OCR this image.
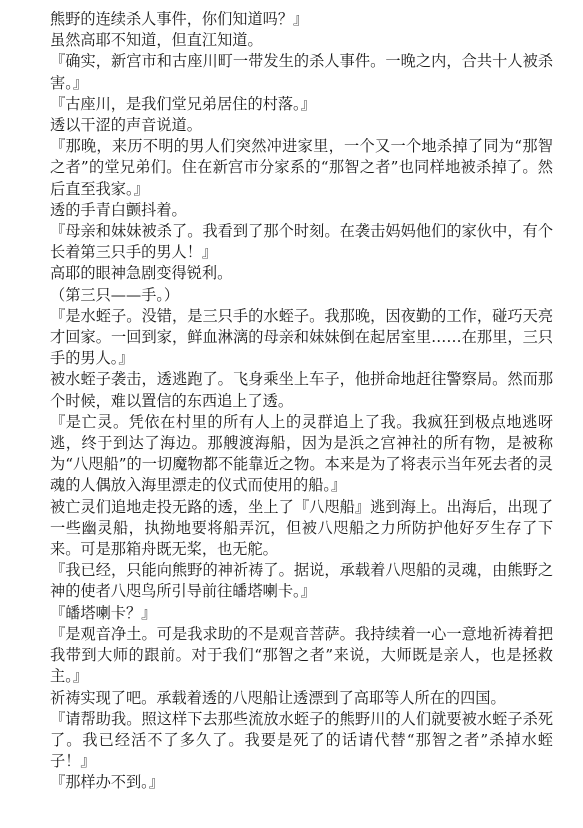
熊野的连续杀人事件，你们知道吗？』

虽然高耶不知道，但直江知道。

『确实，新宫市和古座川町一带发生的杀人事件。一晚之内，合共十人被杀害。』

『古座川，是我们堂兄弟居住的村落。』

透以干涩的声音说道。

『那晚，来历不明的男人们突然冲进家里，一个又一个地杀掉了同为“那智之者”的堂兄弟们。住在新宫市分家系的“那智之者”也同样地被杀掉了。然后直至我家。』

透的手青白颤抖着。

『母亲和妹妹被杀了。我看到了那个时刻。在袭击妈妈他们的家伙中，有个长着第三只手的男人！』

高耶的眼神急剧变得锐利。

（第三只——手。）

『是水蛭子。没错，是三只手的水蛭子。我那晚，因夜勤的工作，碰巧天亮才回家。一回到家，鲜血淋漓的母亲和妹妹倒在起居室里……在那里，三只手的男人。』

被水蛭子袭击，透逃跑了。飞身乘坐上车子，他拼命地赶往警察局。然而那个时候，难以置信的东西追上了透。

『是亡灵。凭依在村里的所有人上的灵群追上了我。我疯狂到极点地逃呀逃，终于到达了海边。那艘渡海船，因为是浜之宫神社的所有物，是被称为“八咫船”的一切魔物都不能靠近之物。本来是为了将表示当年死去者的灵魂的人偶放入海里漂走的仪式而使用的船。』

被亡灵们追地走投无路的透，坐上了『八咫船』逃到海上。出海后，出现了一些幽灵船，执拗地要将船弄沉，但被八咫船之力所防护他好歹生存了下来。可是那箱舟既无桨，也无舵。

『我已经，只能向熊野的神祈祷了。据说，承载着八咫船的灵魂，由熊野之神的使者八咫鸟所引导前往皤塔喇卡。』

『皤塔喇卡？』

『是观音净土。可是我求助的不是观音菩萨。我持续着一心一意地祈祷着把我带到大师的跟前。对于我们“那智之者”来说，大师既是亲人，也是拯救主。』

祈祷实现了吧。承载着透的八咫船让透漂到了高耶等人所在的四国。

『请帮助我。照这样下去那些流放水蛭子的熊野川的人们就要被水蛭子杀死了。我已经活不了多久了。我要是死了的话请代替“那智之者”杀掉水蛭子！』

『那样办不到。』
